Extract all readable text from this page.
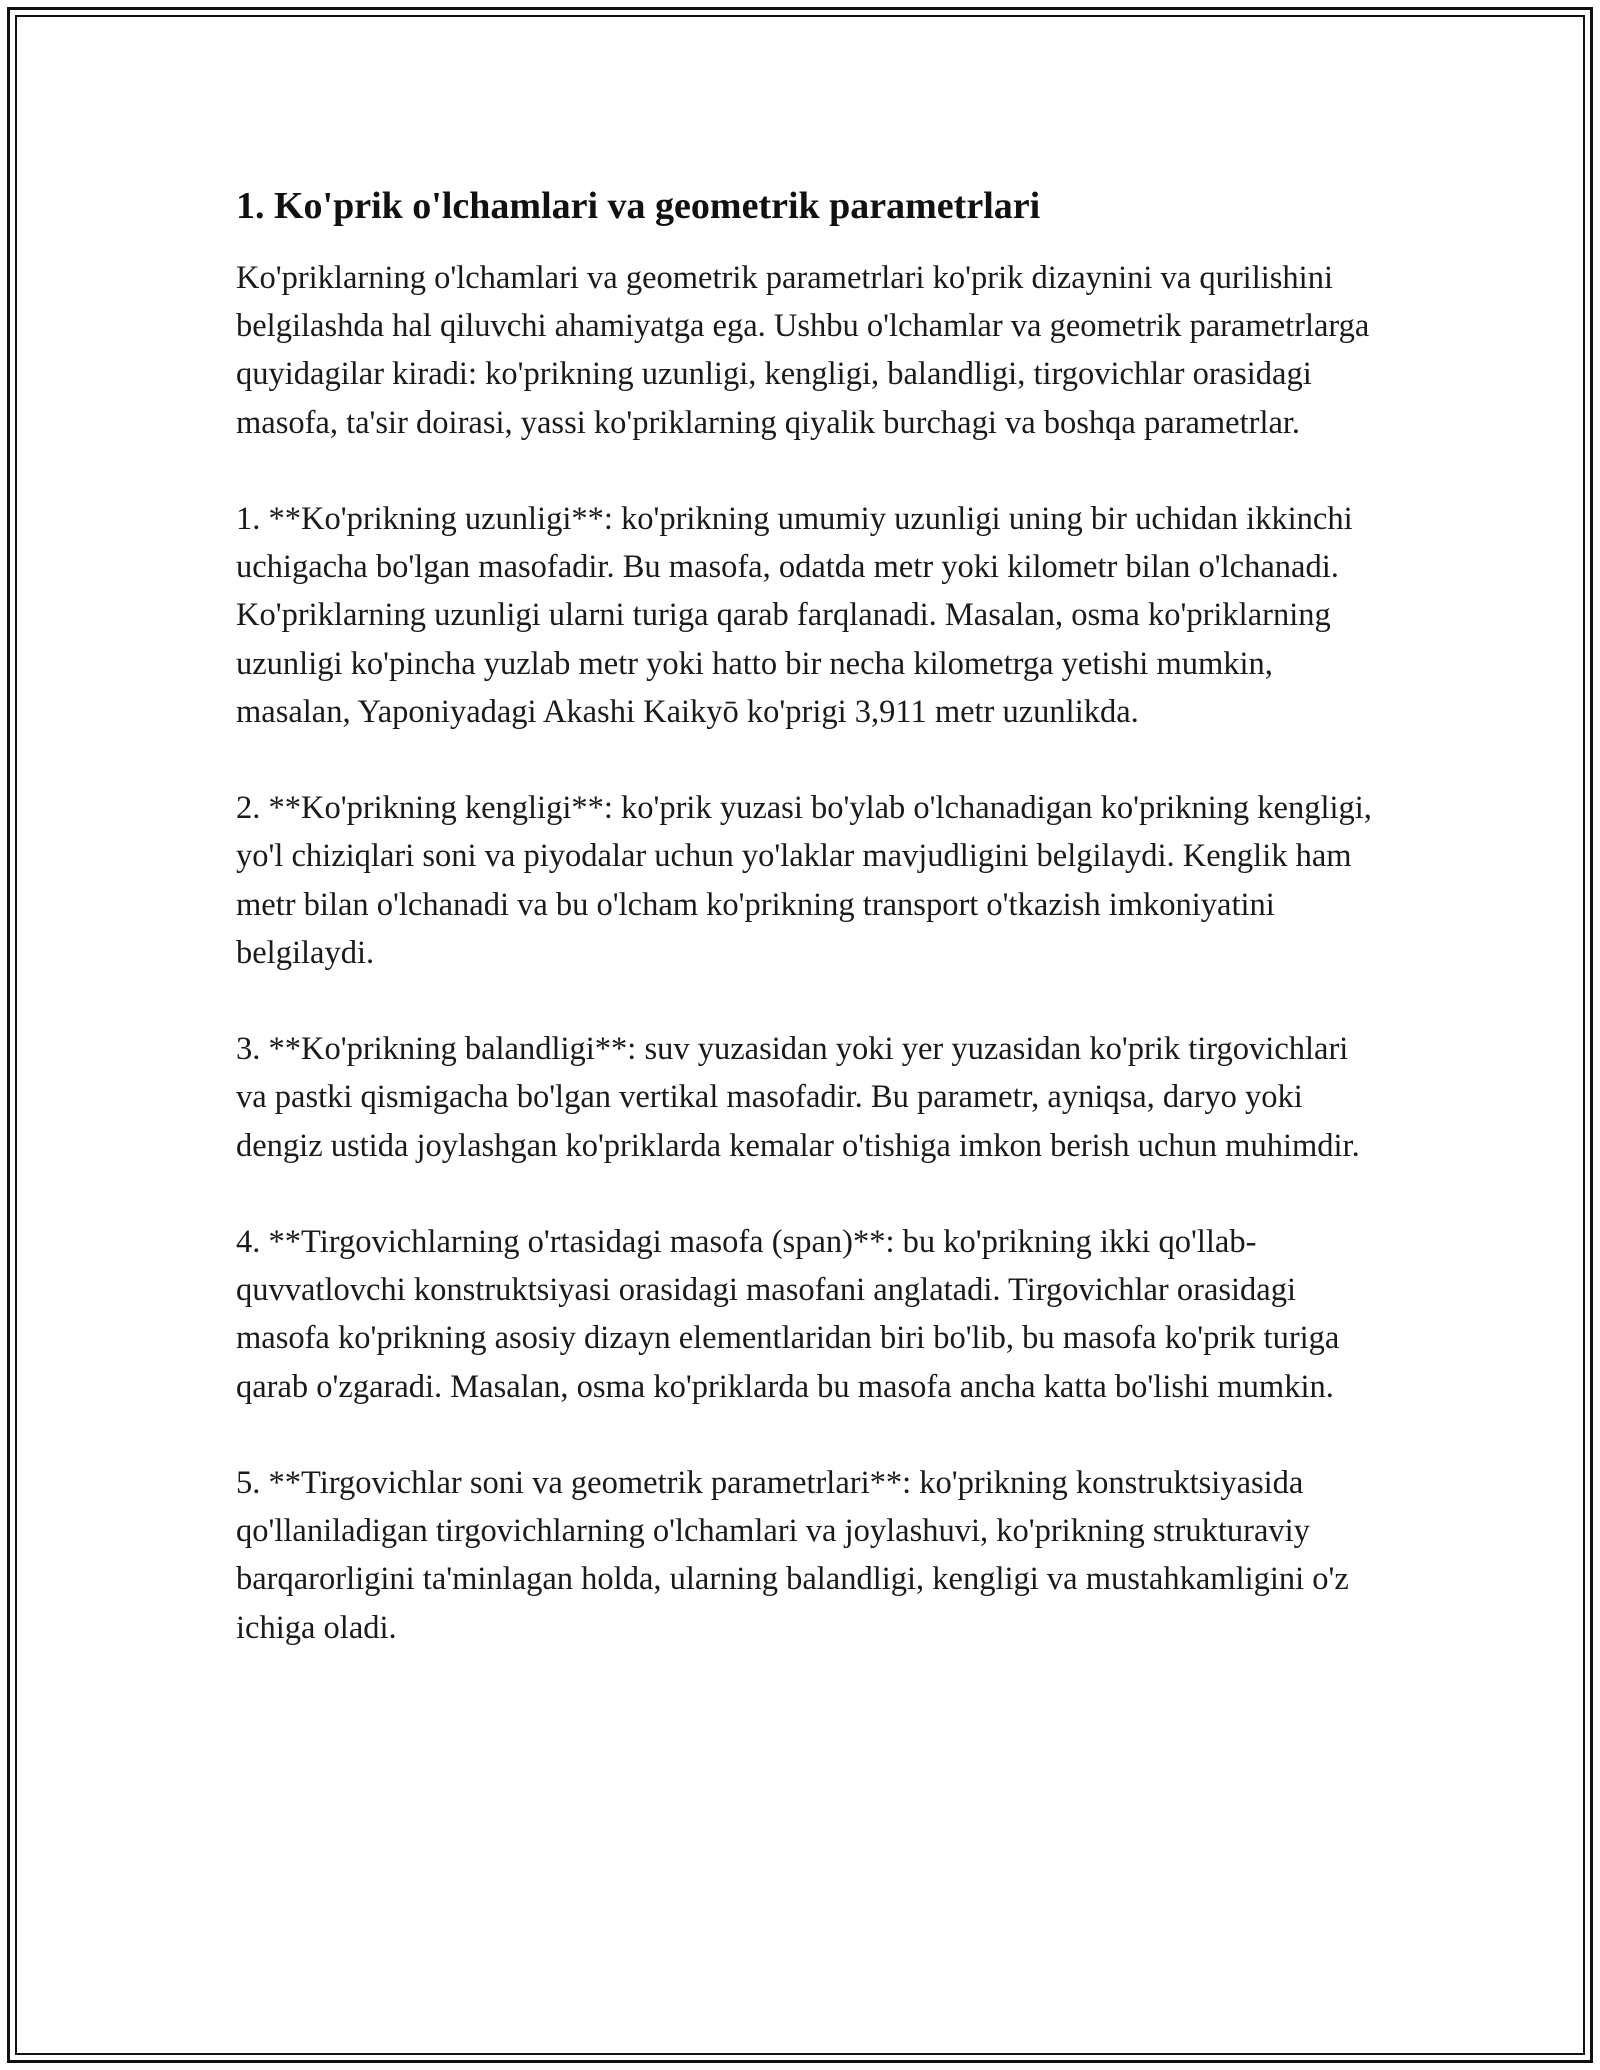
1. Ko'prik o'lchamlari va geometrik parametrlari

Ko'priklarning o'lchamlari va geometrik parametrlari ko'prik dizaynini va qurilishini belgilashda hal qiluvchi ahamiyatga ega. Ushbu o'lchamlar va geometrik parametrlarga quyidagilar kiradi: ko'prikning uzunligi, kengligi, balandligi, tirgovichlar orasidagi masofa, ta'sir doirasi, yassi ko'priklarning qiyalik burchagi va boshqa parametrlar.

1. **Ko'prikning uzunligi**: ko'prikning umumiy uzunligi uning bir uchidan ikkinchi uchigacha bo'lgan masofadir. Bu masofa, odatda metr yoki kilometr bilan o'lchanadi. Ko'priklarning uzunligi ularni turiga qarab farqlanadi. Masalan, osma ko'priklarning uzunligi ko'pincha yuzlab metr yoki hatto bir necha kilometrga yetishi mumkin, masalan, Yaponiyadagi Akashi Kaikyō ko'prigi 3,911 metr uzunlikda.

2. **Ko'prikning kengligi**: ko'prik yuzasi bo'ylab o'lchanadigan ko'prikning kengligi, yo'l chiziqlari soni va piyodalar uchun yo'laklar mavjudligini belgilaydi. Kenglik ham metr bilan o'lchanadi va bu o'lcham ko'prikning transport o'tkazish imkoniyatini belgilaydi.

3. **Ko'prikning balandligi**: suv yuzasidan yoki yer yuzasidan ko'prik tirgovichlari va pastki qismigacha bo'lgan vertikal masofadir. Bu parametr, ayniqsa, daryo yoki dengiz ustida joylashgan ko'priklarda kemalar o'tishiga imkon berish uchun muhimdir.

4. **Tirgovichlarning o'rtasidagi masofa (span)**: bu ko'prikning ikki qo'llab-quvvatlovchi konstruktsiyasi orasidagi masofani anglatadi. Tirgovichlar orasidagi masofa ko'prikning asosiy dizayn elementlaridan biri bo'lib, bu masofa ko'prik turiga qarab o'zgaradi. Masalan, osma ko'priklarda bu masofa ancha katta bo'lishi mumkin.

5. **Tirgovichlar soni va geometrik parametrlari**: ko'prikning konstruktsiyasida qo'llaniladigan tirgovichlarning o'lchamlari va joylashuvi, ko'prikning strukturaviy barqarorligini ta'minlagan holda, ularning balandligi, kengligi va mustahkamligini o'z ichiga oladi.
